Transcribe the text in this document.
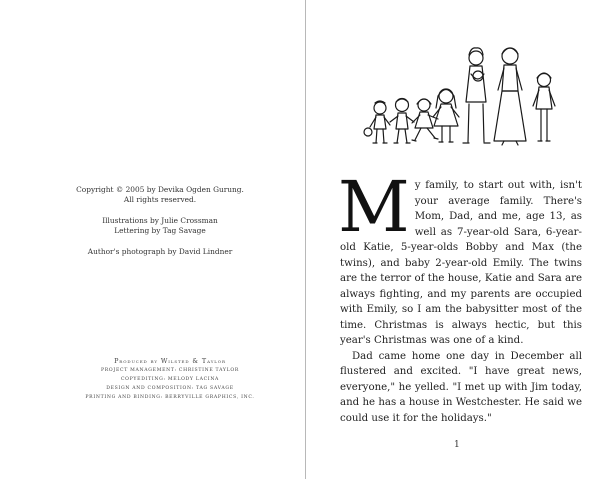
Copyright © 2005 by Devika Ogden Gurung.

All rights reserved.

Illustrations by Julie Crossman

Lettering by Tag Savage

Author's photograph by David Lindner

Produced by Wilsted & Taylor
PROJECT MANAGEMENT: CHRISTINE TAYLOR
COPYEDITING: MELODY LACINA
DESIGN AND COMPOSITION: TAG SAVAGE
PRINTING AND BINDING: BERRYVILLE GRAPHICS, INC.

My family, to start out with, isn't your average family. There's Mom, Dad, and me, age 13, as well as 7-year-old Sara, 6-year-old Katie, 5-year-olds Bobby and Max (the twins), and baby 2-year-old Emily. The twins are the terror of the house, Katie and Sara are always fighting, and my parents are occupied with Emily, so I am the babysitter most of the time. Christmas is always hectic, but this year's Christmas was one of a kind.

Dad came home one day in December all flustered and excited. "I have great news, everyone," he yelled. "I met up with Jim today, and he has a house in Westchester. He said we could use it for the holidays."

1
